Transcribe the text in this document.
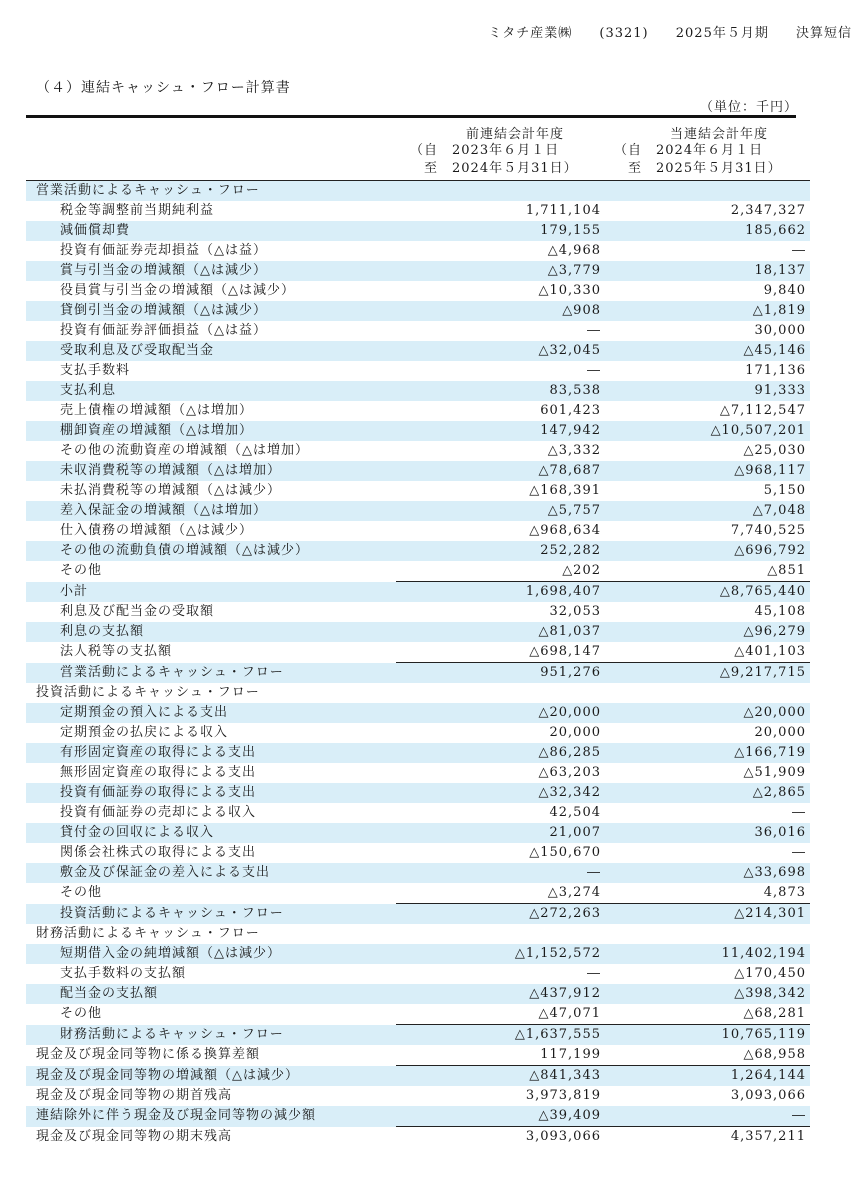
ミタチ産業㈱ (3321) 2025年５月期 決算短信
（４）連結キャッシュ・フロー計算書
（単位：千円）
前連結会計年度
（自　2023年６月１日
　至　2024年５月31日）
当連結会計年度
（自　2024年６月１日
　至　2025年５月31日）
営業活動によるキャッシュ・フロー		
税金等調整前当期純利益	1,711,104	2,347,327
減価償却費	179,155	185,662
投資有価証券売却損益（△は益）	△4,968	―
賞与引当金の増減額（△は減少）	△3,779	18,137
役員賞与引当金の増減額（△は減少）	△10,330	9,840
貸倒引当金の増減額（△は減少）	△908	△1,819
投資有価証券評価損益（△は益）	―	30,000
受取利息及び受取配当金	△32,045	△45,146
支払手数料	―	171,136
支払利息	83,538	91,333
売上債権の増減額（△は増加）	601,423	△7,112,547
棚卸資産の増減額（△は増加）	147,942	△10,507,201
その他の流動資産の増減額（△は増加）	△3,332	△25,030
未収消費税等の増減額（△は増加）	△78,687	△968,117
未払消費税等の増減額（△は減少）	△168,391	5,150
差入保証金の増減額（△は増加）	△5,757	△7,048
仕入債務の増減額（△は減少）	△968,634	7,740,525
その他の流動負債の増減額（△は減少）	252,282	△696,792
その他	△202	△851
小計	1,698,407	△8,765,440
利息及び配当金の受取額	32,053	45,108
利息の支払額	△81,037	△96,279
法人税等の支払額	△698,147	△401,103
営業活動によるキャッシュ・フロー	951,276	△9,217,715
投資活動によるキャッシュ・フロー		
定期預金の預入による支出	△20,000	△20,000
定期預金の払戻による収入	20,000	20,000
有形固定資産の取得による支出	△86,285	△166,719
無形固定資産の取得による支出	△63,203	△51,909
投資有価証券の取得による支出	△32,342	△2,865
投資有価証券の売却による収入	42,504	―
貸付金の回収による収入	21,007	36,016
関係会社株式の取得による支出	△150,670	―
敷金及び保証金の差入による支出	―	△33,698
その他	△3,274	4,873
投資活動によるキャッシュ・フロー	△272,263	△214,301
財務活動によるキャッシュ・フロー		
短期借入金の純増減額（△は減少）	△1,152,572	11,402,194
支払手数料の支払額	―	△170,450
配当金の支払額	△437,912	△398,342
その他	△47,071	△68,281
財務活動によるキャッシュ・フロー	△1,637,555	10,765,119
現金及び現金同等物に係る換算差額	117,199	△68,958
現金及び現金同等物の増減額（△は減少）	△841,343	1,264,144
現金及び現金同等物の期首残高	3,973,819	3,093,066
連結除外に伴う現金及び現金同等物の減少額	△39,409	―
現金及び現金同等物の期末残高	3,093,066	4,357,211
